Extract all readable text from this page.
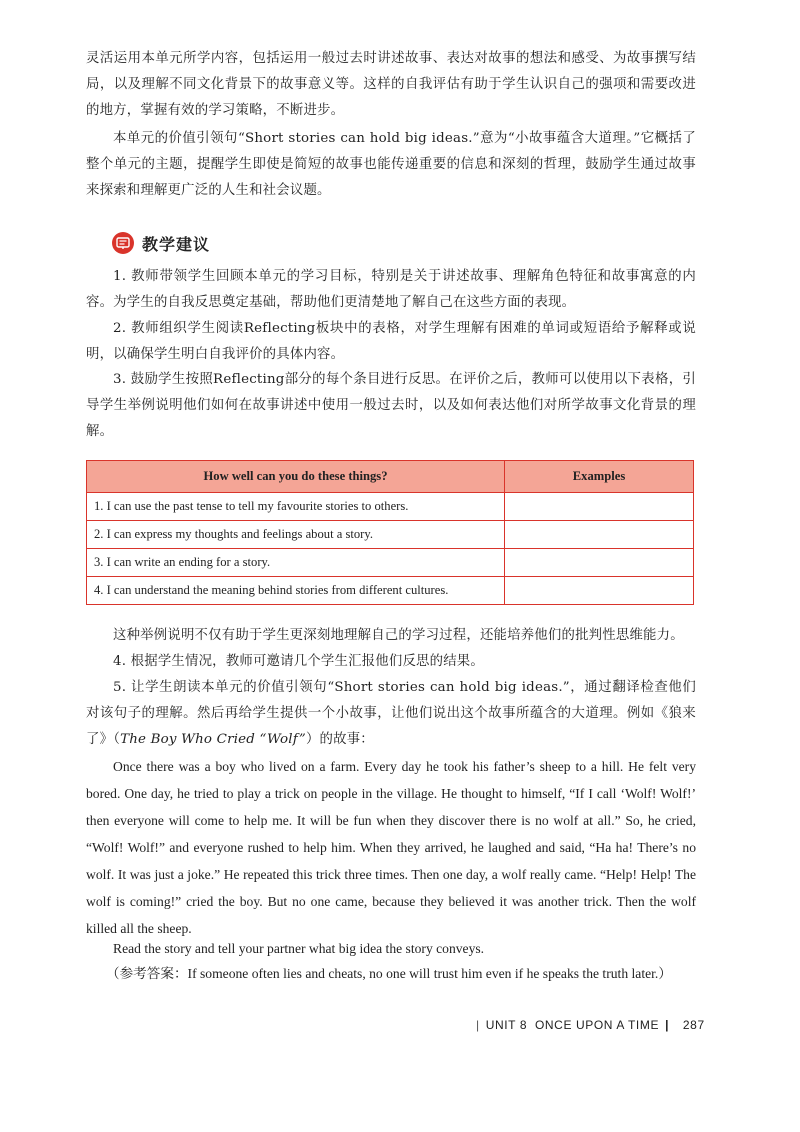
灵活运用本单元所学内容，包括运用一般过去时讲述故事、表达对故事的想法和感受、为故事撰写结局，以及理解不同文化背景下的故事意义等。这样的自我评估有助于学生认识自己的强项和需要改进的地方，掌握有效的学习策略，不断进步。

本单元的价值引领句“Short stories can hold big ideas.”意为“小故事蕴含大道理。”它概括了整个单元的主题，提醒学生即使是简短的故事也能传递重要的信息和深刻的哲理，鼓励学生通过故事来探索和理解更广泛的人生和社会议题。

教学建议

1. 教师带领学生回顾本单元的学习目标，特别是关于讲述故事、理解角色特征和故事寓意的内容。为学生的自我反思奠定基础，帮助他们更清楚地了解自己在这些方面的表现。

2. 教师组织学生阅读Reflecting板块中的表格，对学生理解有困难的单词或短语给予解释或说明，以确保学生明白自我评价的具体内容。

3. 鼓励学生按照Reflecting部分的每个条目进行反思。在评价之后，教师可以使用以下表格，引导学生举例说明他们如何在故事讲述中使用一般过去时，以及如何表达他们对所学故事文化背景的理解。

How well can you do these things?	Examples
1. I can use the past tense to tell my favourite stories to others.	
2. I can express my thoughts and feelings about a story.	
3. I can write an ending for a story.	
4. I can understand the meaning behind stories from different cultures.	

这种举例说明不仅有助于学生更深刻地理解自己的学习过程，还能培养他们的批判性思维能力。

4. 根据学生情况，教师可邀请几个学生汇报他们反思的结果。

5. 让学生朗读本单元的价值引领句“Short stories can hold big ideas.”，通过翻译检查他们对该句子的理解。然后再给学生提供一个小故事，让他们说出这个故事所蕴含的大道理。例如《狼来了》（The Boy Who Cried “Wolf”）的故事：

Once there was a boy who lived on a farm. Every day he took his father’s sheep to a hill. He felt very bored. One day, he tried to play a trick on people in the village. He thought to himself, “If I call ‘Wolf! Wolf!’ then everyone will come to help me. It will be fun when they discover there is no wolf at all.” So, he cried, “Wolf! Wolf!” and everyone rushed to help him. When they arrived, he laughed and said, “Ha ha! There’s no wolf. It was just a joke.” He repeated this trick three times. Then one day, a wolf really came. “Help! Help! The wolf is coming!” cried the boy. But no one came, because they believed it was another trick. Then the wolf killed all the sheep.

Read the story and tell your partner what big idea the story conveys.

（参考答案：If someone often lies and cheats, no one will trust him even if he speaks the truth later.）

| UNIT 8 ONCE UPON A TIME | 287
